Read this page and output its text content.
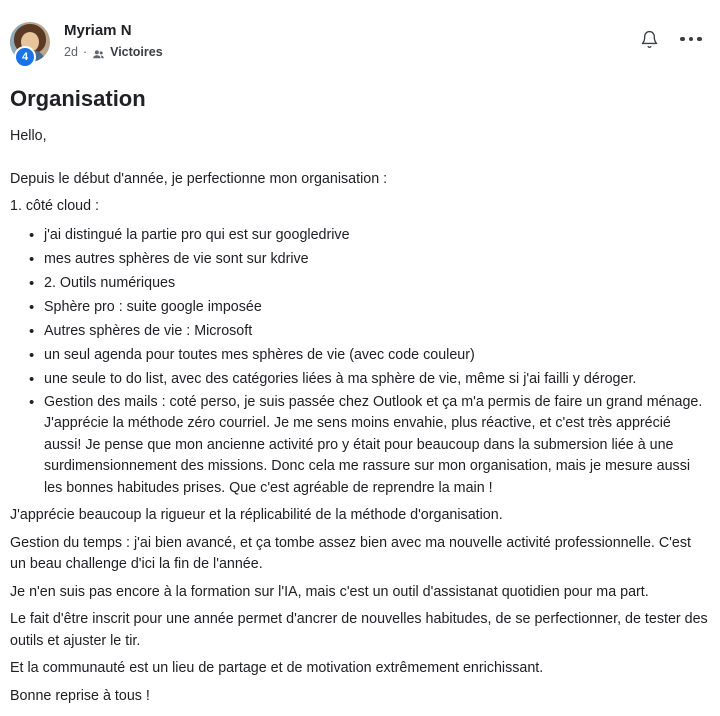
4
Myriam N
2d · Victoires
Organisation

Hello,

Depuis le début d'année, je perfectionne mon organisation :

1. côté cloud :

• j'ai distingué la partie pro qui est sur googledrive
• mes autres sphères de vie sont sur kdrive
• 2. Outils numériques
• Sphère pro : suite google imposée
• Autres sphères de vie : Microsoft
• un seul agenda pour toutes mes sphères de vie (avec code couleur)
• une seule to do list, avec des catégories liées à ma sphère de vie, même si j'ai failli y déroger.
• Gestion des mails : coté perso, je suis passée chez Outlook et ça m'a permis de faire un grand ménage. J'apprécie la méthode zéro courriel. Je me sens moins envahie, plus réactive, et c'est très apprécié aussi! Je pense que mon ancienne activité pro y était pour beaucoup dans la submersion liée à une surdimensionnement des missions. Donc cela me rassure sur mon organisation, mais je mesure aussi les bonnes habitudes prises. Que c'est agréable de reprendre la main !

J'apprécie beaucoup la rigueur et la réplicabilité de la méthode d'organisation.

Gestion du temps : j'ai bien avancé, et ça tombe assez bien avec ma nouvelle activité professionnelle. C'est un beau challenge d'ici la fin de l'année.

Je n'en suis pas encore à la formation sur l'IA, mais c'est un outil d'assistanat quotidien pour ma part.

Le fait d'être inscrit pour une année permet d'ancrer de nouvelles habitudes, de se perfectionner, de tester des outils et ajuster le tir.

Et la communauté est un lieu de partage et de motivation extrêmement enrichissant.

Bonne reprise à tous !
